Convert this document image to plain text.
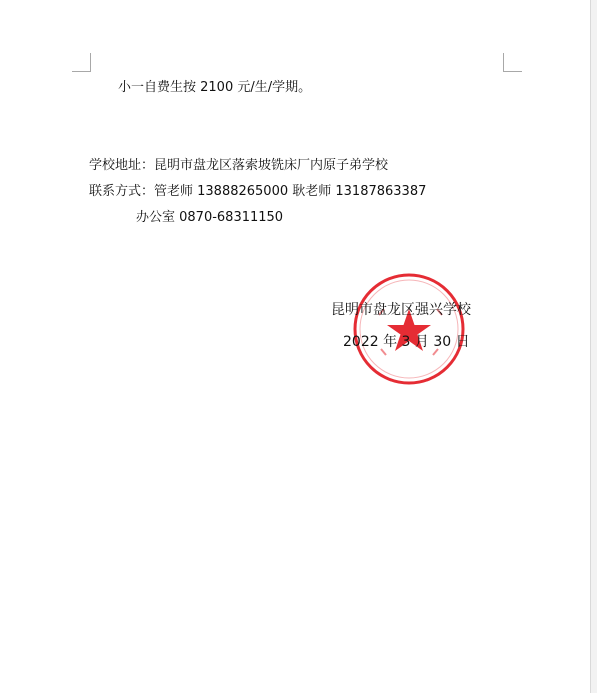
小一自费生按 2100 元/生/学期。
学校地址：昆明市盘龙区落索坡铣床厂内原子弟学校
联系方式：管老师 13888265000 耿老师 13187863387
办公室 0870-68311150
昆明市盘龙区强兴学校
2022 年 3 月 30 日
